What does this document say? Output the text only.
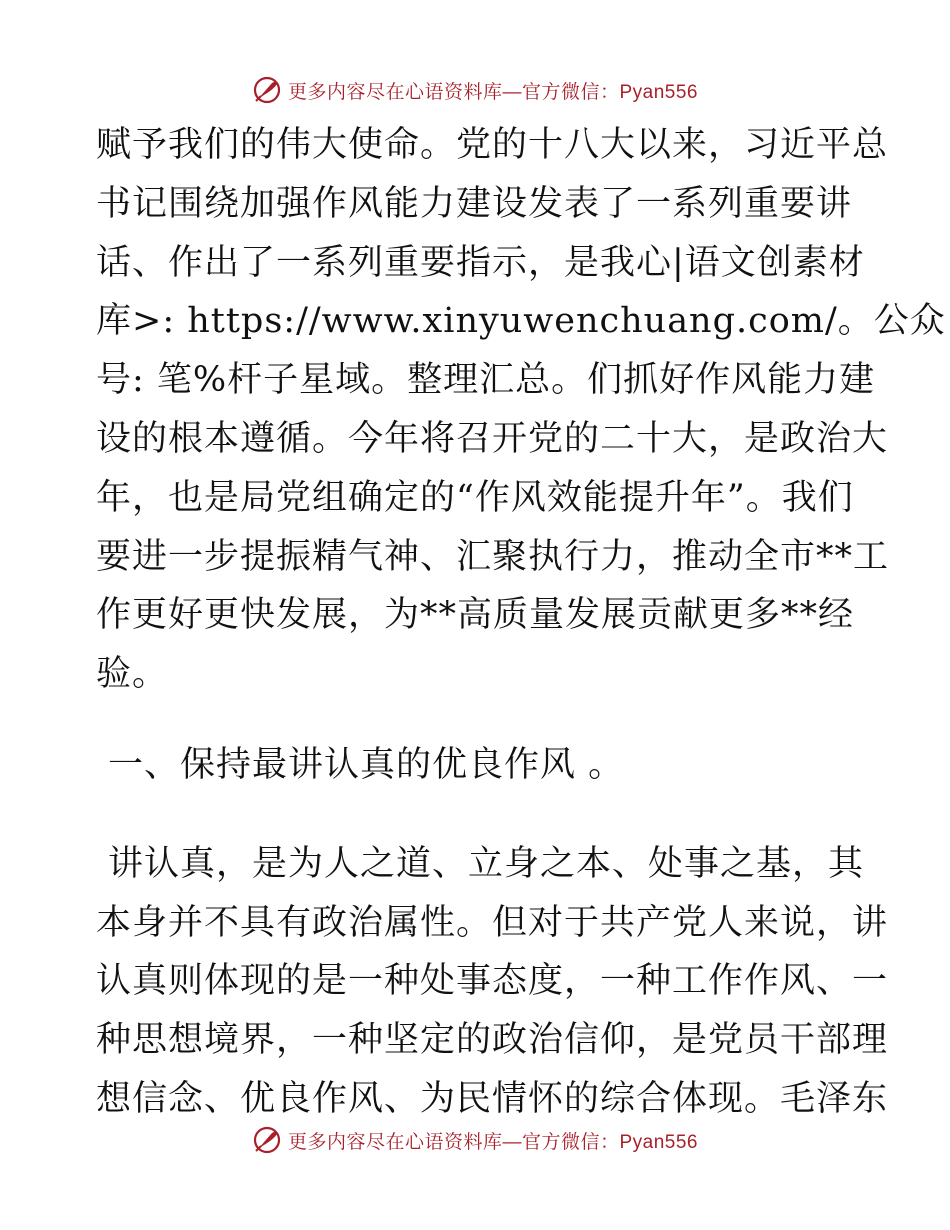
更多内容尽在心语资料库—官方微信：Pyan556
赋予我们的伟大使命。党的十八大以来，习近平总
书记围绕加强作风能力建设发表了一系列重要讲
话、作出了一系列重要指示，是我心|语文创素材
库>: https://www.xinyuwenchuang.com/。公众
号: 笔%杆子星域。整理汇总。们抓好作风能力建
设的根本遵循。今年将召开党的二十大，是政治大
年，也是局党组确定的“作风效能提升年”。我们
要进一步提振精气神、汇聚执行力，推动全市**工
作更好更快发展，为**高质量发展贡献更多**经
验。
一、保持最讲认真的优良作风 。
讲认真，是为人之道、立身之本、处事之基，其
本身并不具有政治属性。但对于共产党人来说，讲
认真则体现的是一种处事态度，一种工作作风、一
种思想境界，一种坚定的政治信仰，是党员干部理
想信念、优良作风、为民情怀的综合体现。毛泽东
更多内容尽在心语资料库—官方微信：Pyan556
